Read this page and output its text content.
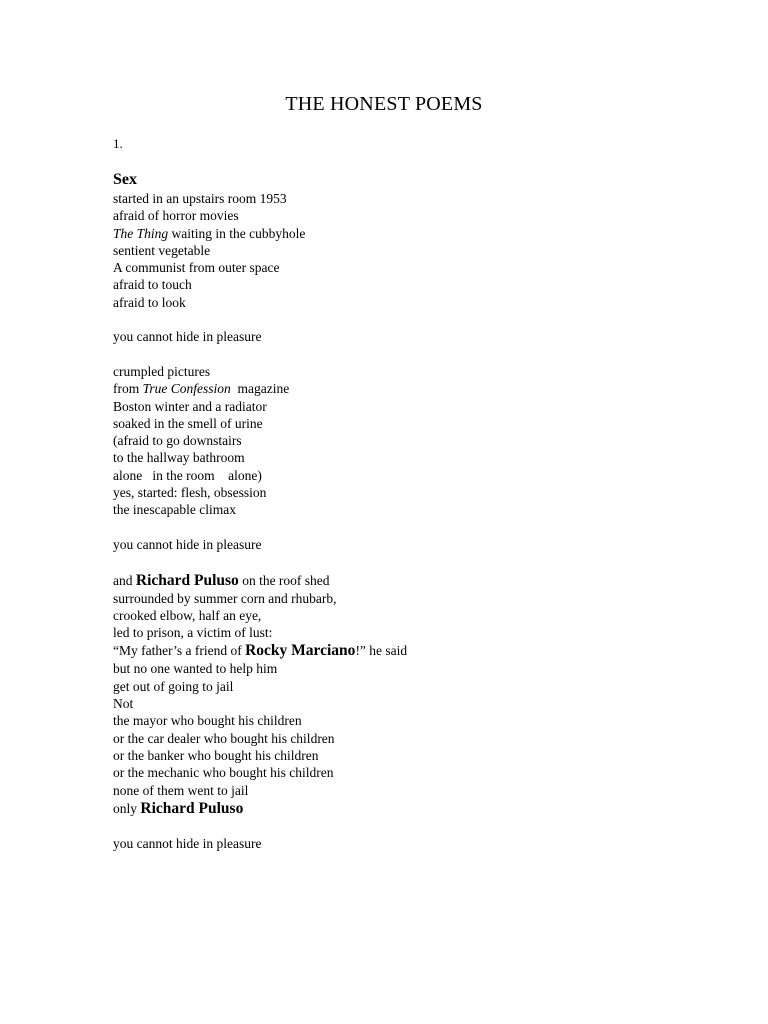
THE HONEST POEMS
1.
Sex
started in an upstairs room 1953
afraid of horror movies
The Thing waiting in the cubbyhole
sentient vegetable
A communist from outer space
afraid to touch
afraid to look
you cannot hide in pleasure
crumpled pictures
from True Confession  magazine
Boston winter and a radiator
soaked in the smell of urine
(afraid to go downstairs
to the hallway bathroom
alone   in the room    alone)
yes, started: flesh, obsession
the inescapable climax
you cannot hide in pleasure
and Richard Puluso on the roof shed
surrounded by summer corn and rhubarb,
crooked elbow, half an eye,
led to prison, a victim of lust:
“My father’s a friend of Rocky Marciano!” he said
but no one wanted to help him
get out of going to jail
Not
the mayor who bought his children
or the car dealer who bought his children
or the banker who bought his children
or the mechanic who bought his children
none of them went to jail
only Richard Puluso
you cannot hide in pleasure
